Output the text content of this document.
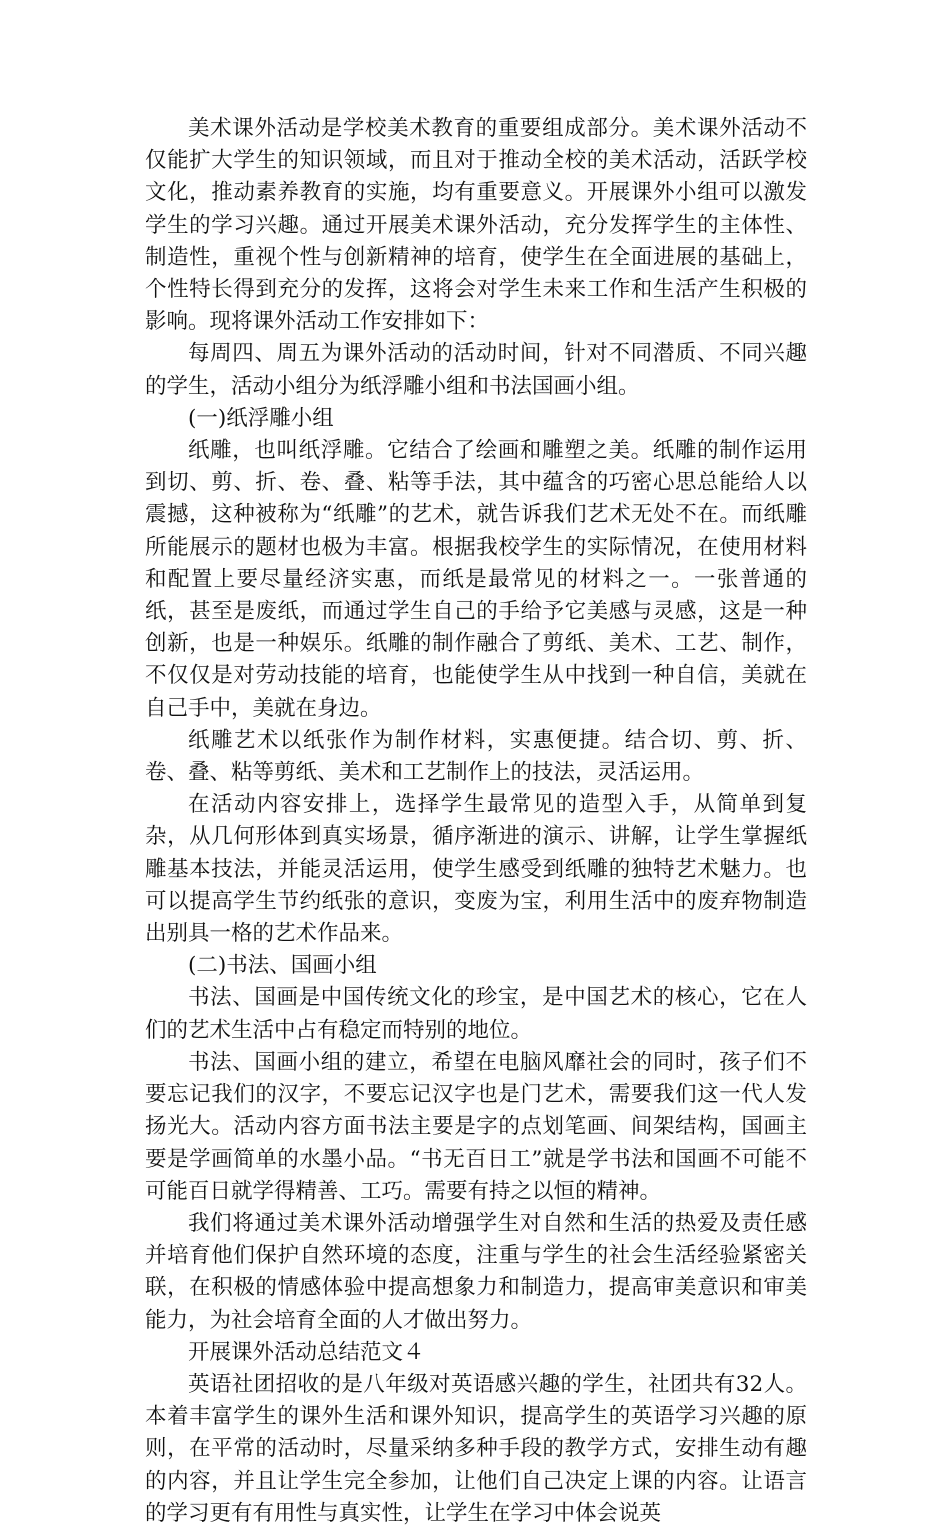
美术课外活动是学校美术教育的重要组成部分。美术课外活动不仅能扩大学生的知识领域，而且对于推动全校的美术活动，活跃学校文化，推动素养教育的实施，均有重要意义。开展课外小组可以激发学生的学习兴趣。通过开展美术课外活动，充分发挥学生的主体性、制造性，重视个性与创新精神的培育，使学生在全面进展的基础上，个性特长得到充分的发挥，这将会对学生未来工作和生活产生积极的影响。现将课外活动工作安排如下：

每周四、周五为课外活动的活动时间，针对不同潜质、不同兴趣的学生，活动小组分为纸浮雕小组和书法国画小组。

(一)纸浮雕小组

纸雕，也叫纸浮雕。它结合了绘画和雕塑之美。纸雕的制作运用到切、剪、折、卷、叠、粘等手法，其中蕴含的巧密心思总能给人以震撼，这种被称为“纸雕”的艺术，就告诉我们艺术无处不在。而纸雕所能展示的题材也极为丰富。根据我校学生的实际情况，在使用材料和配置上要尽量经济实惠，而纸是最常见的材料之一。一张普通的纸，甚至是废纸，而通过学生自己的手给予它美感与灵感，这是一种创新，也是一种娱乐。纸雕的制作融合了剪纸、美术、工艺、制作，不仅仅是对劳动技能的培育，也能使学生从中找到一种自信，美就在自己手中，美就在身边。

纸雕艺术以纸张作为制作材料，实惠便捷。结合切、剪、折、卷、叠、粘等剪纸、美术和工艺制作上的技法，灵活运用。

在活动内容安排上，选择学生最常见的造型入手，从简单到复杂，从几何形体到真实场景，循序渐进的演示、讲解，让学生掌握纸雕基本技法，并能灵活运用，使学生感受到纸雕的独特艺术魅力。也可以提高学生节约纸张的意识，变废为宝，利用生活中的废弃物制造出别具一格的艺术作品来。

(二)书法、国画小组

书法、国画是中国传统文化的珍宝，是中国艺术的核心，它在人们的艺术生活中占有稳定而特别的地位。

书法、国画小组的建立，希望在电脑风靡社会的同时，孩子们不要忘记我们的汉字，不要忘记汉字也是门艺术，需要我们这一代人发扬光大。活动内容方面书法主要是字的点划笔画、间架结构，国画主要是学画简单的水墨小品。“书无百日工”就是学书法和国画不可能不可能百日就学得精善、工巧。需要有持之以恒的精神。

我们将通过美术课外活动增强学生对自然和生活的热爱及责任感并培育他们保护自然环境的态度，注重与学生的社会生活经验紧密关联，在积极的情感体验中提高想象力和制造力，提高审美意识和审美能力，为社会培育全面的人才做出努力。

开展课外活动总结范文４

英语社团招收的是八年级对英语感兴趣的学生，社团共有32人。本着丰富学生的课外生活和课外知识，提高学生的英语学习兴趣的原则，在平常的活动时，尽量采纳多种手段的教学方式，安排生动有趣的内容，并且让学生完全参加，让他们自己决定上课的内容。让语言的学习更有有用性与真实性，让学生在学习中体会说英
